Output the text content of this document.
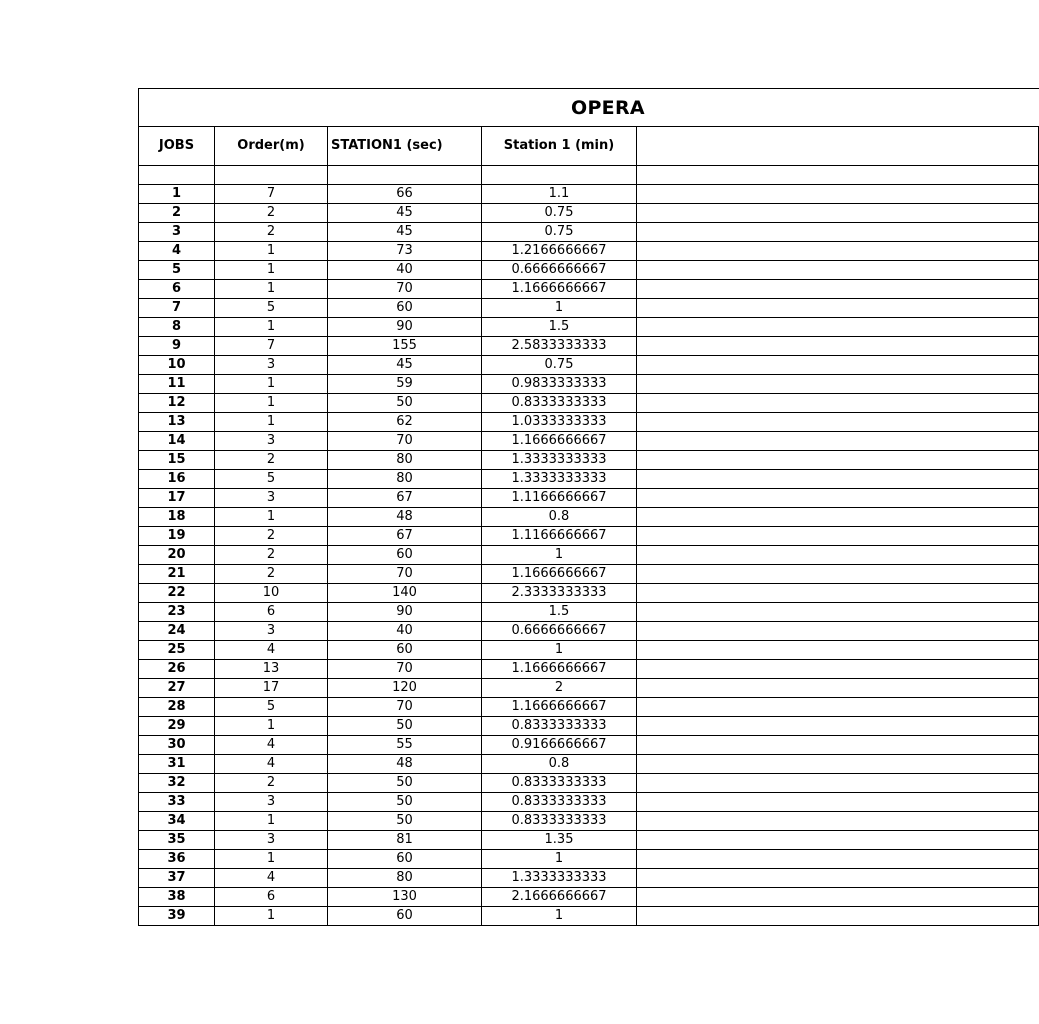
OPERA				
JOBS	Order(m)	STATION1 (sec)	Station 1 (min)	

1	7	66	1.1	
2	2	45	0.75	
3	2	45	0.75	
4	1	73	1.2166666667	
5	1	40	0.6666666667	
6	1	70	1.1666666667	
7	5	60	1	
8	1	90	1.5	
9	7	155	2.5833333333	
10	3	45	0.75	
11	1	59	0.9833333333	
12	1	50	0.8333333333	
13	1	62	1.0333333333	
14	3	70	1.1666666667	
15	2	80	1.3333333333	
16	5	80	1.3333333333	
17	3	67	1.1166666667	
18	1	48	0.8	
19	2	67	1.1166666667	
20	2	60	1	
21	2	70	1.1666666667	
22	10	140	2.3333333333	
23	6	90	1.5	
24	3	40	0.6666666667	
25	4	60	1	
26	13	70	1.1666666667	
27	17	120	2	
28	5	70	1.1666666667	
29	1	50	0.8333333333	
30	4	55	0.9166666667	
31	4	48	0.8	
32	2	50	0.8333333333	
33	3	50	0.8333333333	
34	1	50	0.8333333333	
35	3	81	1.35	
36	1	60	1	
37	4	80	1.3333333333	
38	6	130	2.1666666667	
39	1	60	1	
